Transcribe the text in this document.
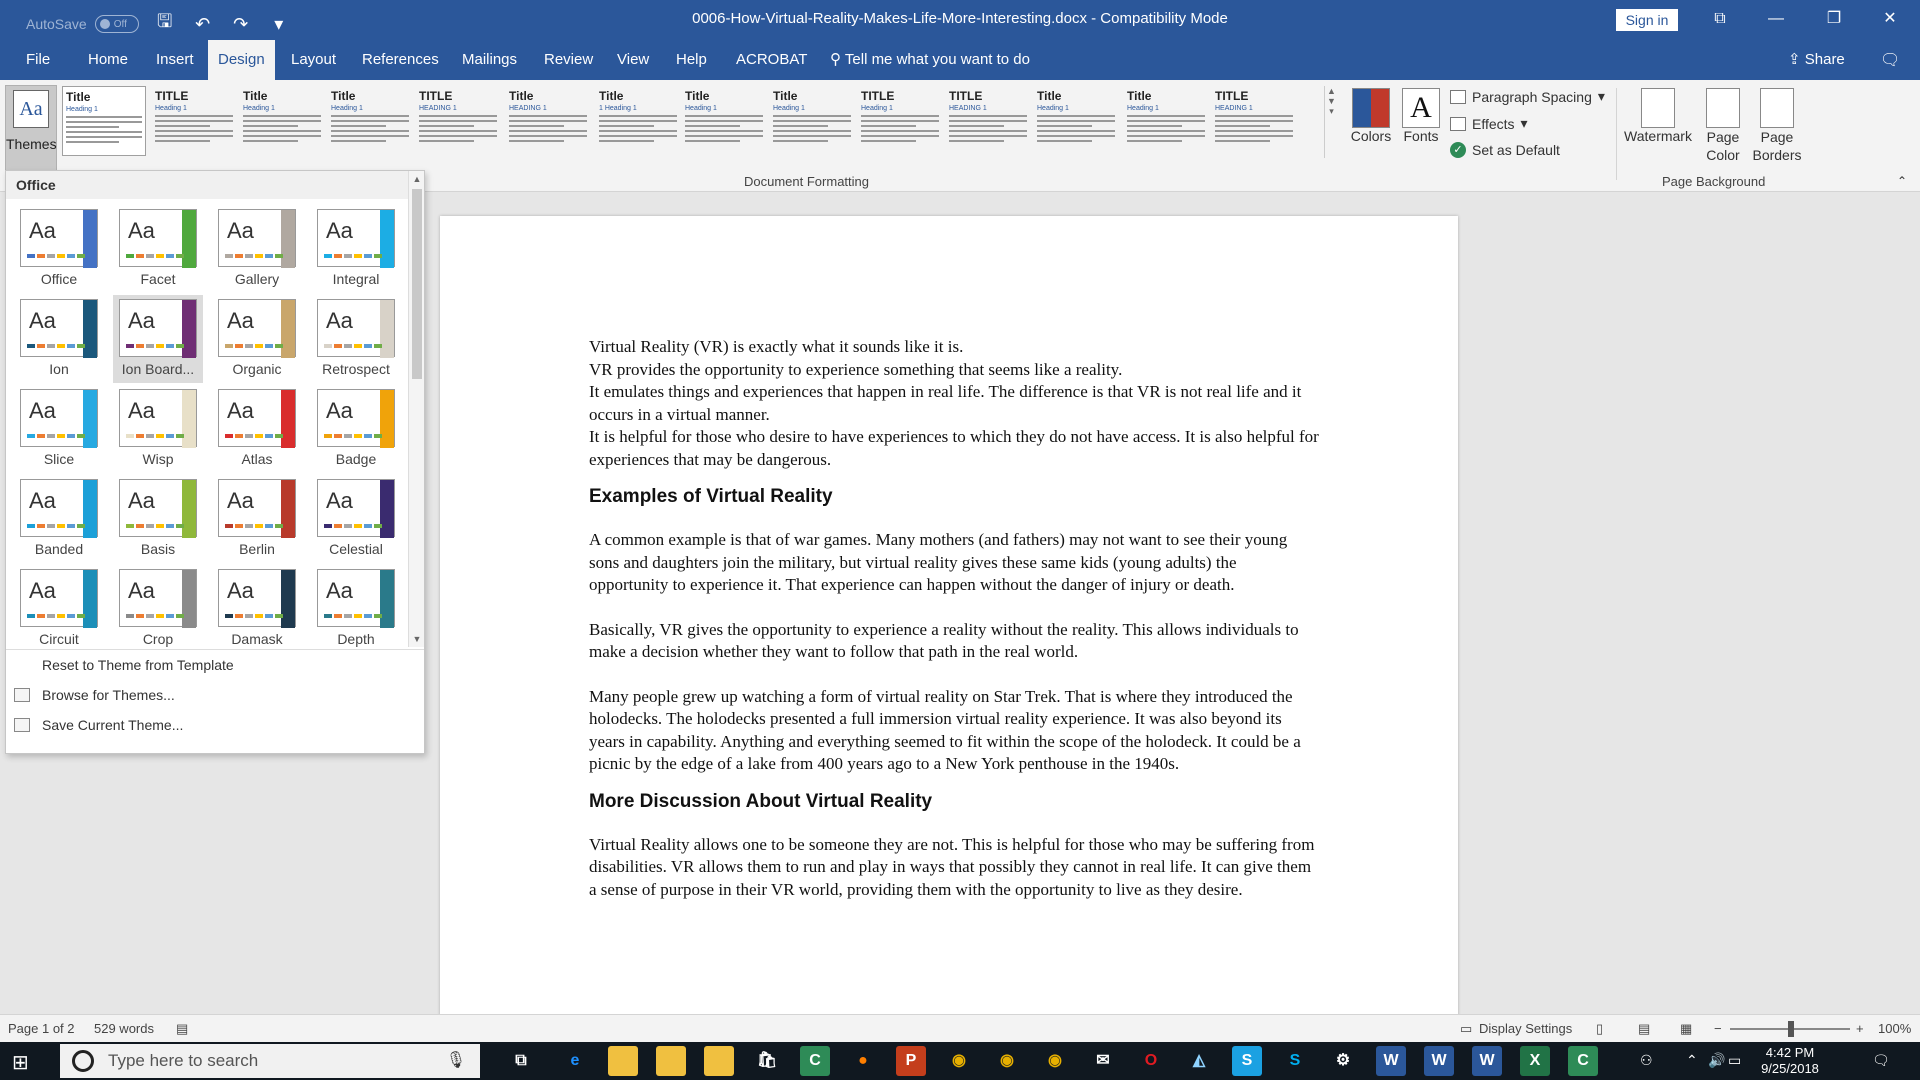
AutoSave	Off	🖫 ↶ ↷	▾	0006-How-Virtual-Reality-Makes-Life-More-Interesting.docx - Compatibility Mode	Sign in	⧉	—	❐	✕
File	Home	Insert	Design	Layout	References	Mailings	Review	View	Help	ACROBAT	⚲ Tell me what you want to do	⇪ Share 🗨
Aa
Themes
Title
Heading 1
TITLE
Heading 1
Title
Heading 1
Title
Heading 1
TITLE
HEADING 1
Title
HEADING 1
Title
1 Heading 1
Title
Heading 1
Title
Heading 1
TITLE
Heading 1
TITLE
HEADING 1
Title
Heading 1
Title
Heading 1
TITLE
HEADING 1
▲
▼
▾
Document Formatting
Colors
A
Fonts
Paragraph Spacing ▾
Effects ▾
✓ Set as Default
Watermark	Page Color
Page Borders
Page Background	⌃

Virtual Reality (VR) is exactly what it sounds like it is.

VR provides the opportunity to experience something that seems like a reality.

It emulates things and experiences that happen in real life. The difference is that VR is not real life and it occurs in a virtual manner.

It is helpful for those who desire to have experiences to which they do not have access. It is also helpful for experiences that may be dangerous.

Examples of Virtual Reality

A common example is that of war games. Many mothers (and fathers) may not want to see their young sons and daughters join the military, but virtual reality gives these same kids (young adults) the opportunity to experience it. That experience can happen without the danger of injury or death.

Basically, VR gives the opportunity to experience a reality without the reality. This allows individuals to make a decision whether they want to follow that path in the real world.

Many people grew up watching a form of virtual reality on Star Trek. That is where they introduced the holodecks. The holodecks presented a full immersion virtual reality experience. It was also beyond its years in capability. Anything and everything seemed to fit within the scope of the holodeck. It could be a picnic by the edge of a lake from 400 years ago to a New York penthouse in the 1940s.

More Discussion About Virtual Reality

Virtual Reality allows one to be someone they are not. This is helpful for those who may be suffering from disabilities. VR allows them to run and play in ways that possibly they cannot in real life. It can give them a sense of purpose in their VR world, providing them with the opportunity to live as they desire.

Office
Aa
Office
Aa
Facet
Aa
Gallery
Aa
Integral
Aa
Ion
Aa
Ion Board...
Aa
Organic
Aa
Retrospect
Aa
Slice
Aa
Wisp
Aa
Atlas
Aa
Badge
Aa
Banded
Aa
Basis
Aa
Berlin
Aa
Celestial
Aa
Circuit
Aa
Crop
Aa
Damask
Aa
Depth
▲
▼
Reset to Theme from Template
Browse for Themes...
Save Current Theme...
Page 1 of 2 529 words ▤	▭ Display Settings ▯	▤ ▦ −	+ 100%
⊞	Type here to search	🎙	⧉	e	🛍	C	●	P	◉	◉	◉	✉	O	◭	S	S	⚙	W	W	W	X	C	⚇ ⌃ 🔊 ▭	4:42 PM
9/25/2018
🗨
